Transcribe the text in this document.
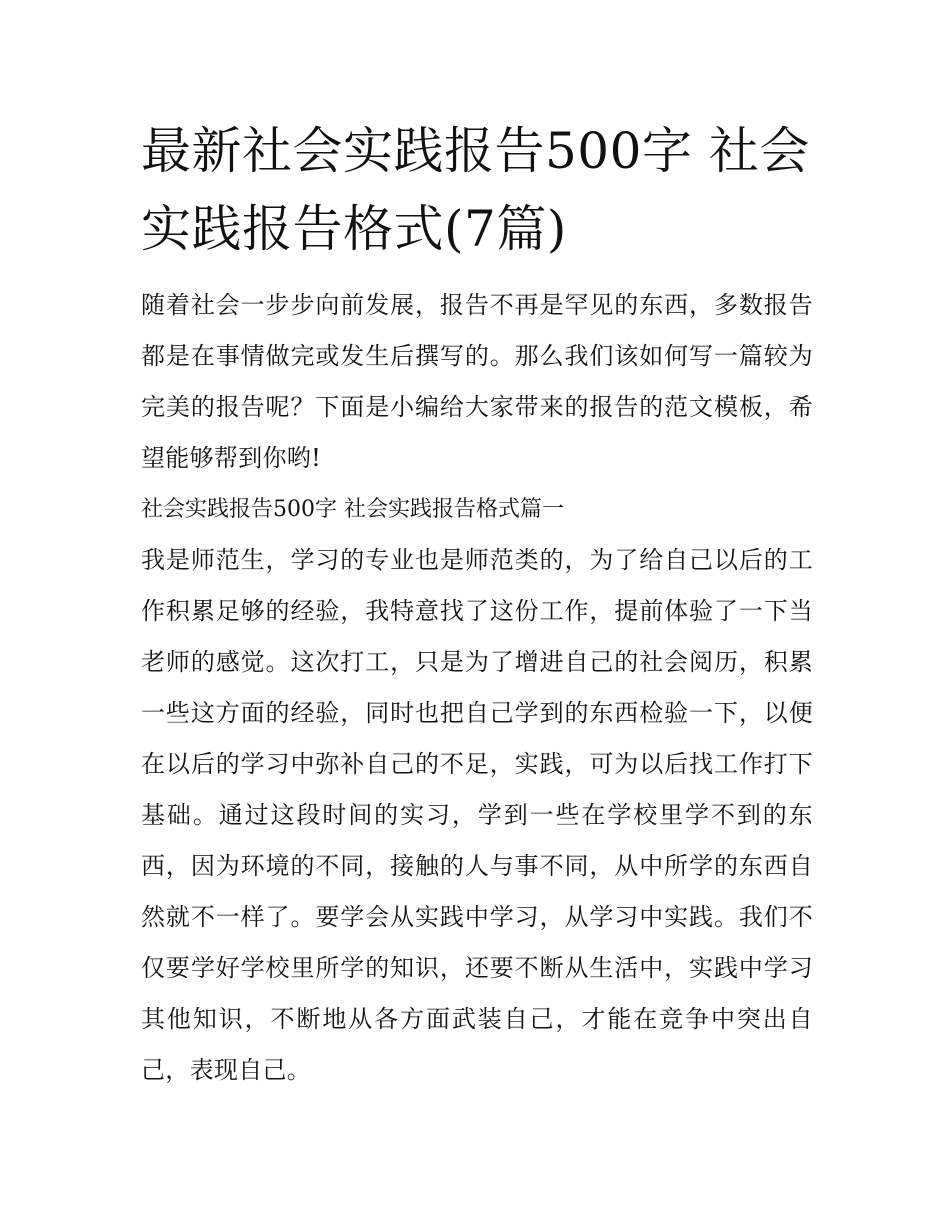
最新社会实践报告500字 社会实践报告格式(7篇)

随着社会一步步向前发展，报告不再是罕见的东西，多数报告都是在事情做完或发生后撰写的。那么我们该如何写一篇较为完美的报告呢？下面是小编给大家带来的报告的范文模板，希望能够帮到你哟!

社会实践报告500字 社会实践报告格式篇一

我是师范生，学习的专业也是师范类的，为了给自己以后的工作积累足够的经验，我特意找了这份工作，提前体验了一下当老师的感觉。这次打工，只是为了增进自己的社会阅历，积累一些这方面的经验，同时也把自己学到的东西检验一下，以便在以后的学习中弥补自己的不足，实践，可为以后找工作打下基础。通过这段时间的实习，学到一些在学校里学不到的东西，因为环境的不同，接触的人与事不同，从中所学的东西自然就不一样了。要学会从实践中学习，从学习中实践。我们不仅要学好学校里所学的知识，还要不断从生活中，实践中学习其他知识，不断地从各方面武装自己，才能在竞争中突出自己，表现自己。
